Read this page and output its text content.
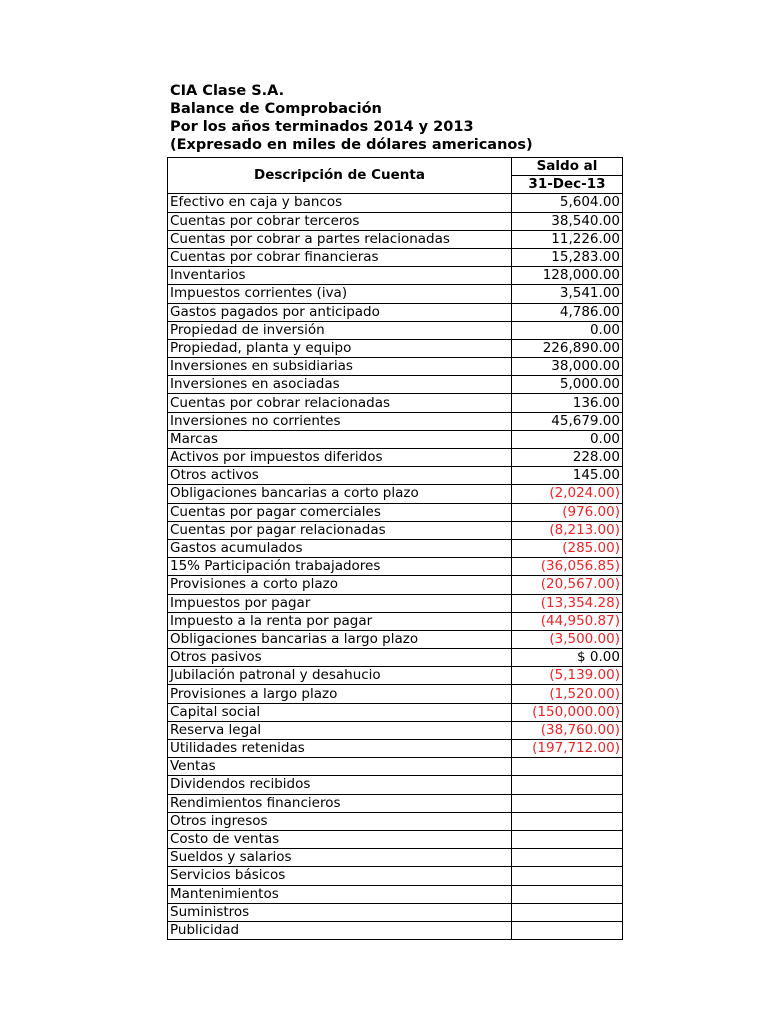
CIA Clase S.A.
Balance de Comprobación
Por los años terminados 2014 y 2013
(Expresado en miles de dólares americanos)
Descripción de Cuenta	Saldo al
	31-Dec-13
Efectivo en caja y bancos	5,604.00
Cuentas por cobrar terceros	38,540.00
Cuentas por cobrar a partes relacionadas	11,226.00
Cuentas por cobrar financieras	15,283.00
Inventarios	128,000.00
Impuestos corrientes (iva)	3,541.00
Gastos pagados por anticipado	4,786.00
Propiedad de inversión	0.00
Propiedad, planta y equipo	226,890.00
Inversiones en subsidiarias	38,000.00
Inversiones en asociadas	5,000.00
Cuentas por cobrar relacionadas	136.00
Inversiones no corrientes	45,679.00
Marcas	0.00
Activos por impuestos diferidos	228.00
Otros activos	145.00
Obligaciones bancarias a corto plazo	(2,024.00)
Cuentas por pagar comerciales	(976.00)
Cuentas por pagar relacionadas	(8,213.00)
Gastos acumulados	(285.00)
15% Participación trabajadores	(36,056.85)
Provisiones a corto plazo	(20,567.00)
Impuestos por pagar	(13,354.28)
Impuesto a la renta por pagar	(44,950.87)
Obligaciones bancarias a largo plazo	(3,500.00)
Otros pasivos	$ 0.00
Jubilación patronal y desahucio	(5,139.00)
Provisiones a largo plazo	(1,520.00)
Capital social	(150,000.00)
Reserva legal	(38,760.00)
Utilidades retenidas	(197,712.00)
Ventas	
Dividendos recibidos	
Rendimientos financieros	
Otros ingresos	
Costo de ventas	
Sueldos y salarios	
Servicios básicos	
Mantenimientos	
Suministros	
Publicidad	
